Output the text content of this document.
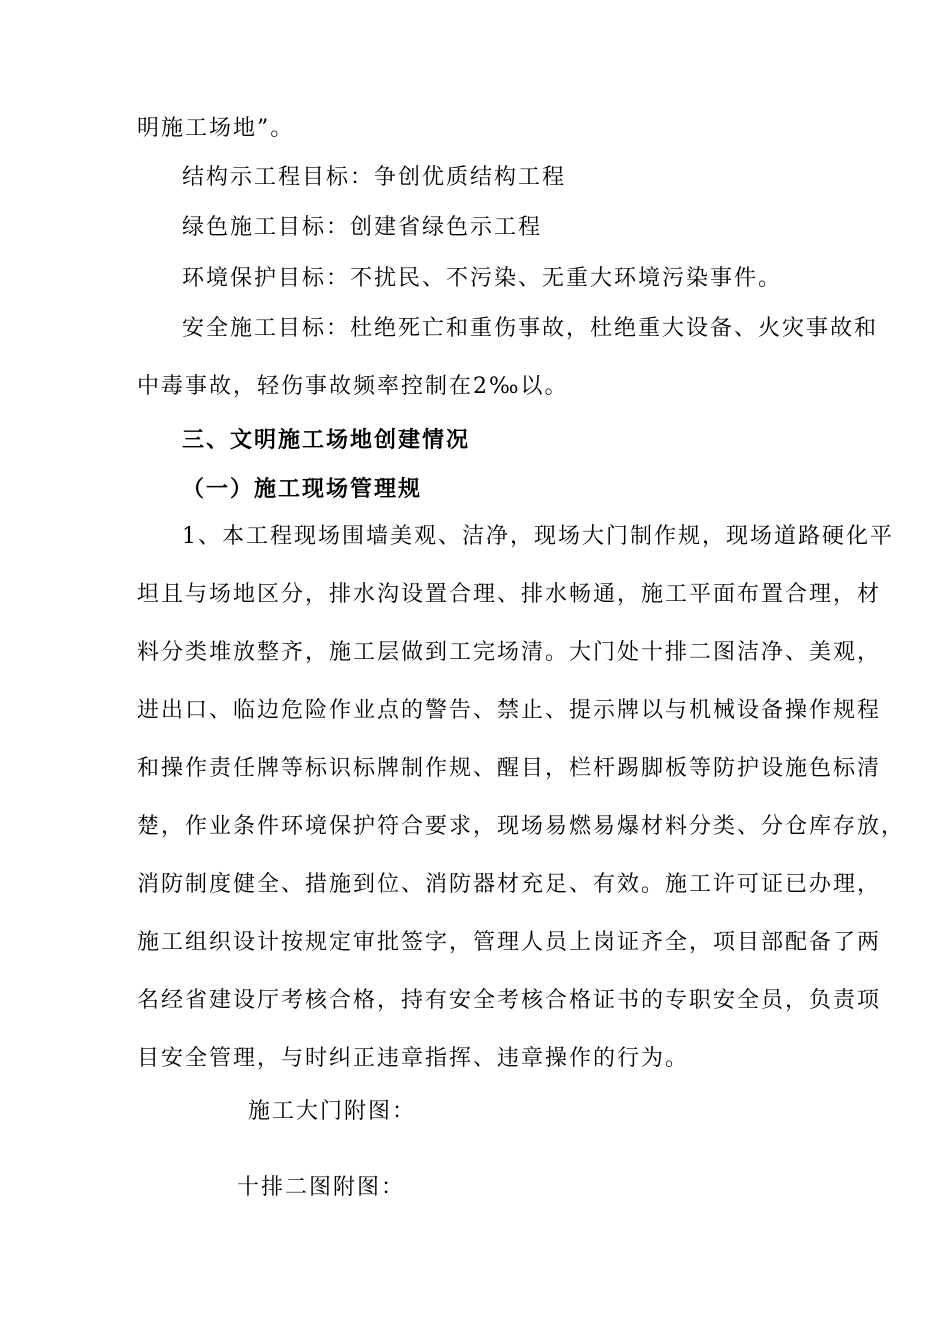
明施工场地”。
结构示工程目标：争创优质结构工程
绿色施工目标：创建省绿色示工程
环境保护目标：不扰民、不污染、无重大环境污染事件。
安全施工目标：杜绝死亡和重伤事故，杜绝重大设备、火灾事故和
中毒事故，轻伤事故频率控制在2‰以。
三、文明施工场地创建情况
（一）施工现场管理规
1、本工程现场围墙美观、洁净，现场大门制作规，现场道路硬化平
坦且与场地区分，排水沟设置合理、排水畅通，施工平面布置合理，材
料分类堆放整齐，施工层做到工完场清。大门处十排二图洁净、美观，
进出口、临边危险作业点的警告、禁止、提示牌以与机械设备操作规程
和操作责任牌等标识标牌制作规、醒目，栏杆踢脚板等防护设施色标清
楚，作业条件环境保护符合要求，现场易燃易爆材料分类、分仓库存放，
消防制度健全、措施到位、消防器材充足、有效。施工许可证已办理，
施工组织设计按规定审批签字，管理人员上岗证齐全，项目部配备了两
名经省建设厅考核合格，持有安全考核合格证书的专职安全员，负责项
目安全管理，与时纠正违章指挥、违章操作的行为。
施工大门附图：
十排二图附图：
